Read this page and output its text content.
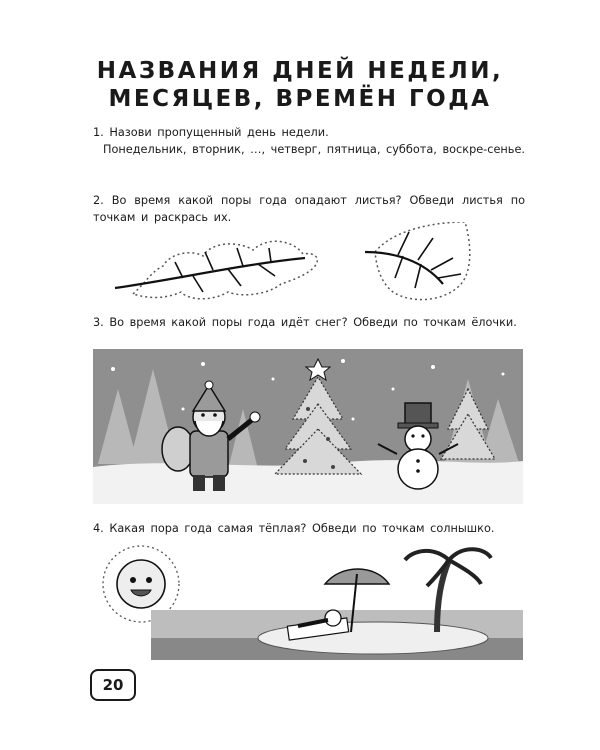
НАЗВАНИЯ ДНЕЙ НЕДЕЛИ,
МЕСЯЦЕВ, ВРЕМЁН ГОДА
1. Назови пропущенный день недели.
Понедельник, вторник, …, четверг, пятница, суббота, воскре-сенье.
2. Во время какой поры года опадают листья? Обведи листья по точкам и раскрась их.
3. Во время какой поры года идёт снег? Обведи по точкам ёлочки.
4. Какая пора года самая тёплая? Обведи по точкам солнышко.
20
